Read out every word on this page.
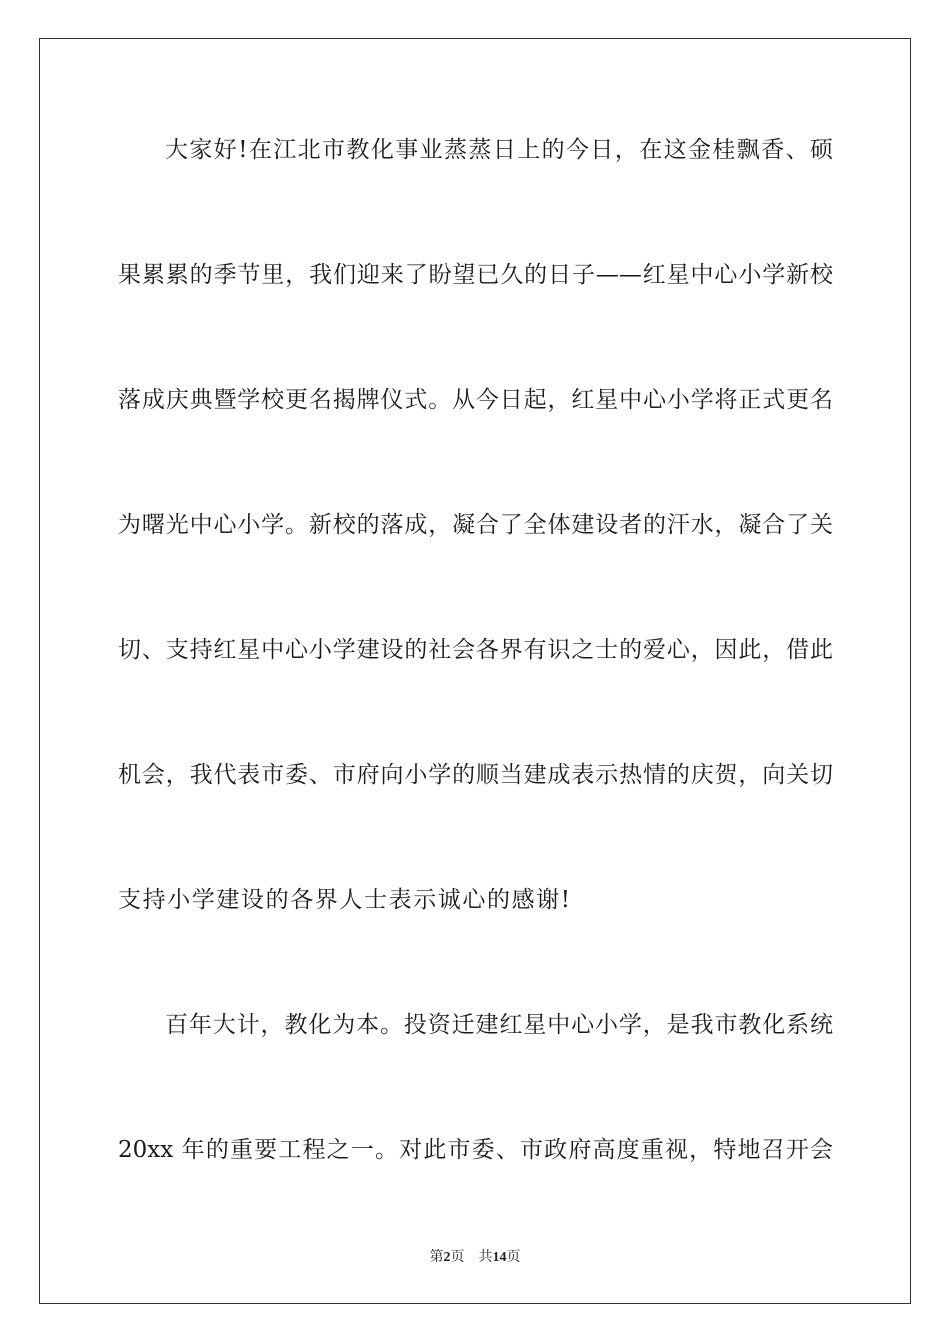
大家好!在江北市教化事业蒸蒸日上的今日，在这金桂飘香、硕
果累累的季节里，我们迎来了盼望已久的日子——红星中心小学新校
落成庆典暨学校更名揭牌仪式。从今日起，红星中心小学将正式更名
为曙光中心小学。新校的落成，凝合了全体建设者的汗水，凝合了关
切、支持红星中心小学建设的社会各界有识之士的爱心，因此，借此
机会，我代表市委、市府向小学的顺当建成表示热情的庆贺，向关切
支持小学建设的各界人士表示诚心的感谢!
百年大计，教化为本。投资迁建红星中心小学，是我市教化系统
20xx 年的重要工程之一。对此市委、市政府高度重视，特地召开会
第2页 共14页
